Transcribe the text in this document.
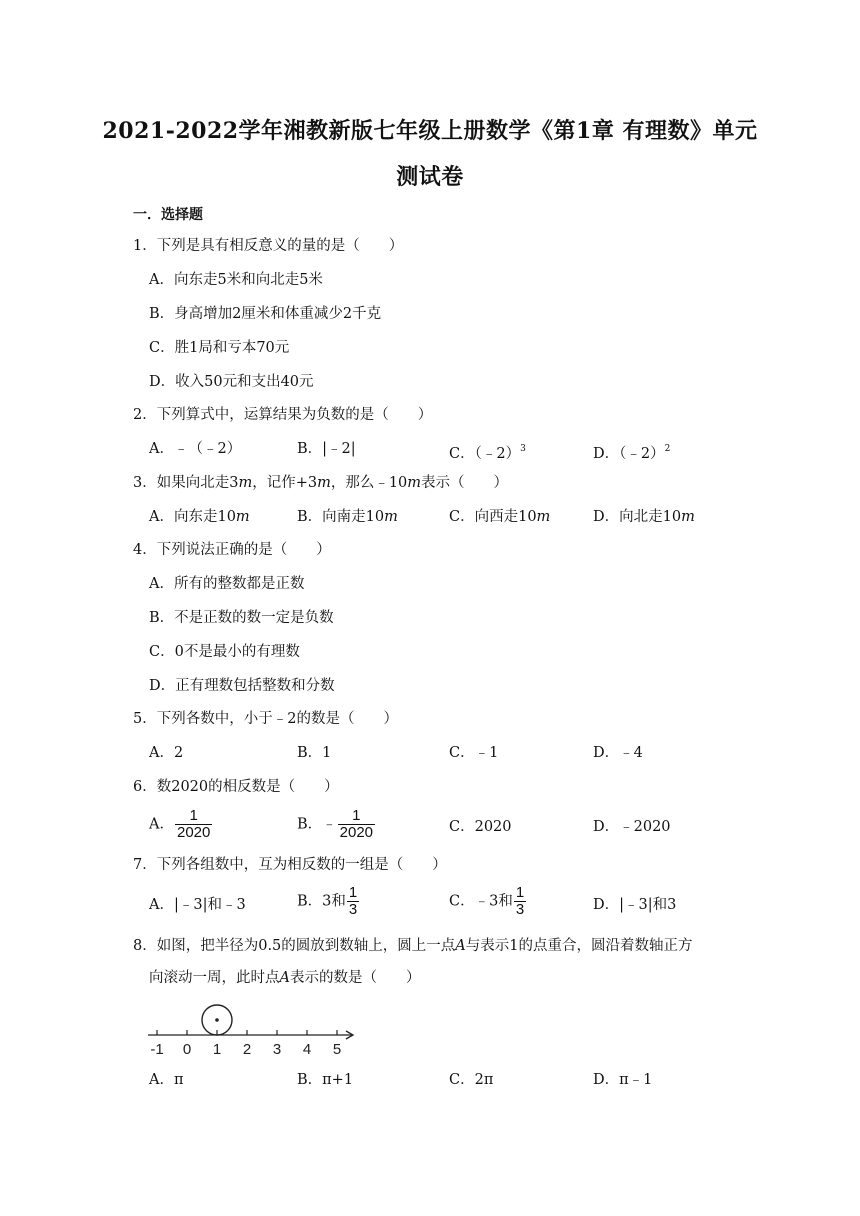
2021-2022学年湘教新版七年级上册数学《第1章 有理数》单元
测试卷
一．选择题
1．下列是具有相反意义的量的是（　　）
A．向东走5米和向北走5米
B．身高增加2厘米和体重减少2千克
C．胜1局和亏本70元
D．收入50元和支出40元
2．下列算式中，运算结果为负数的是（　　）
A．﹣（﹣2）	B．|﹣2|	C．（﹣2）$^3$	D．（﹣2）$^2$
3．如果向北走3m，记作+3m，那么﹣10m表示（　　）
A．向东走10m	B．向南走10m	C．向西走10m	D．向北走10m
4．下列说法正确的是（　　）
A．所有的整数都是正数
B．不是正数的数一定是负数
C．0不是最小的有理数
D．正有理数包括整数和分数
5．下列各数中，小于﹣2的数是（　　）
A．2	B．1	C．﹣1	D．﹣4
6．数2020的相反数是（　　）
A． $\frac{1}{2020}$	B．﹣ $\frac{1}{2020}$	C．2020	D．﹣2020
7．下列各组数中，互为相反数的一组是（　　）
A．|﹣3|和﹣3	B．3和 $\frac{1}{3}$	C．﹣3和 $\frac{1}{3}$	D．|﹣3|和3
8．如图，把半径为0.5的圆放到数轴上，圆上一点A与表示1的点重合，圆沿着数轴正方
向滚动一周，此时点A表示的数是（　　）
-1 0 1 2 3 4 5
A．π	B．π+1	C．2π	D．π﹣1
